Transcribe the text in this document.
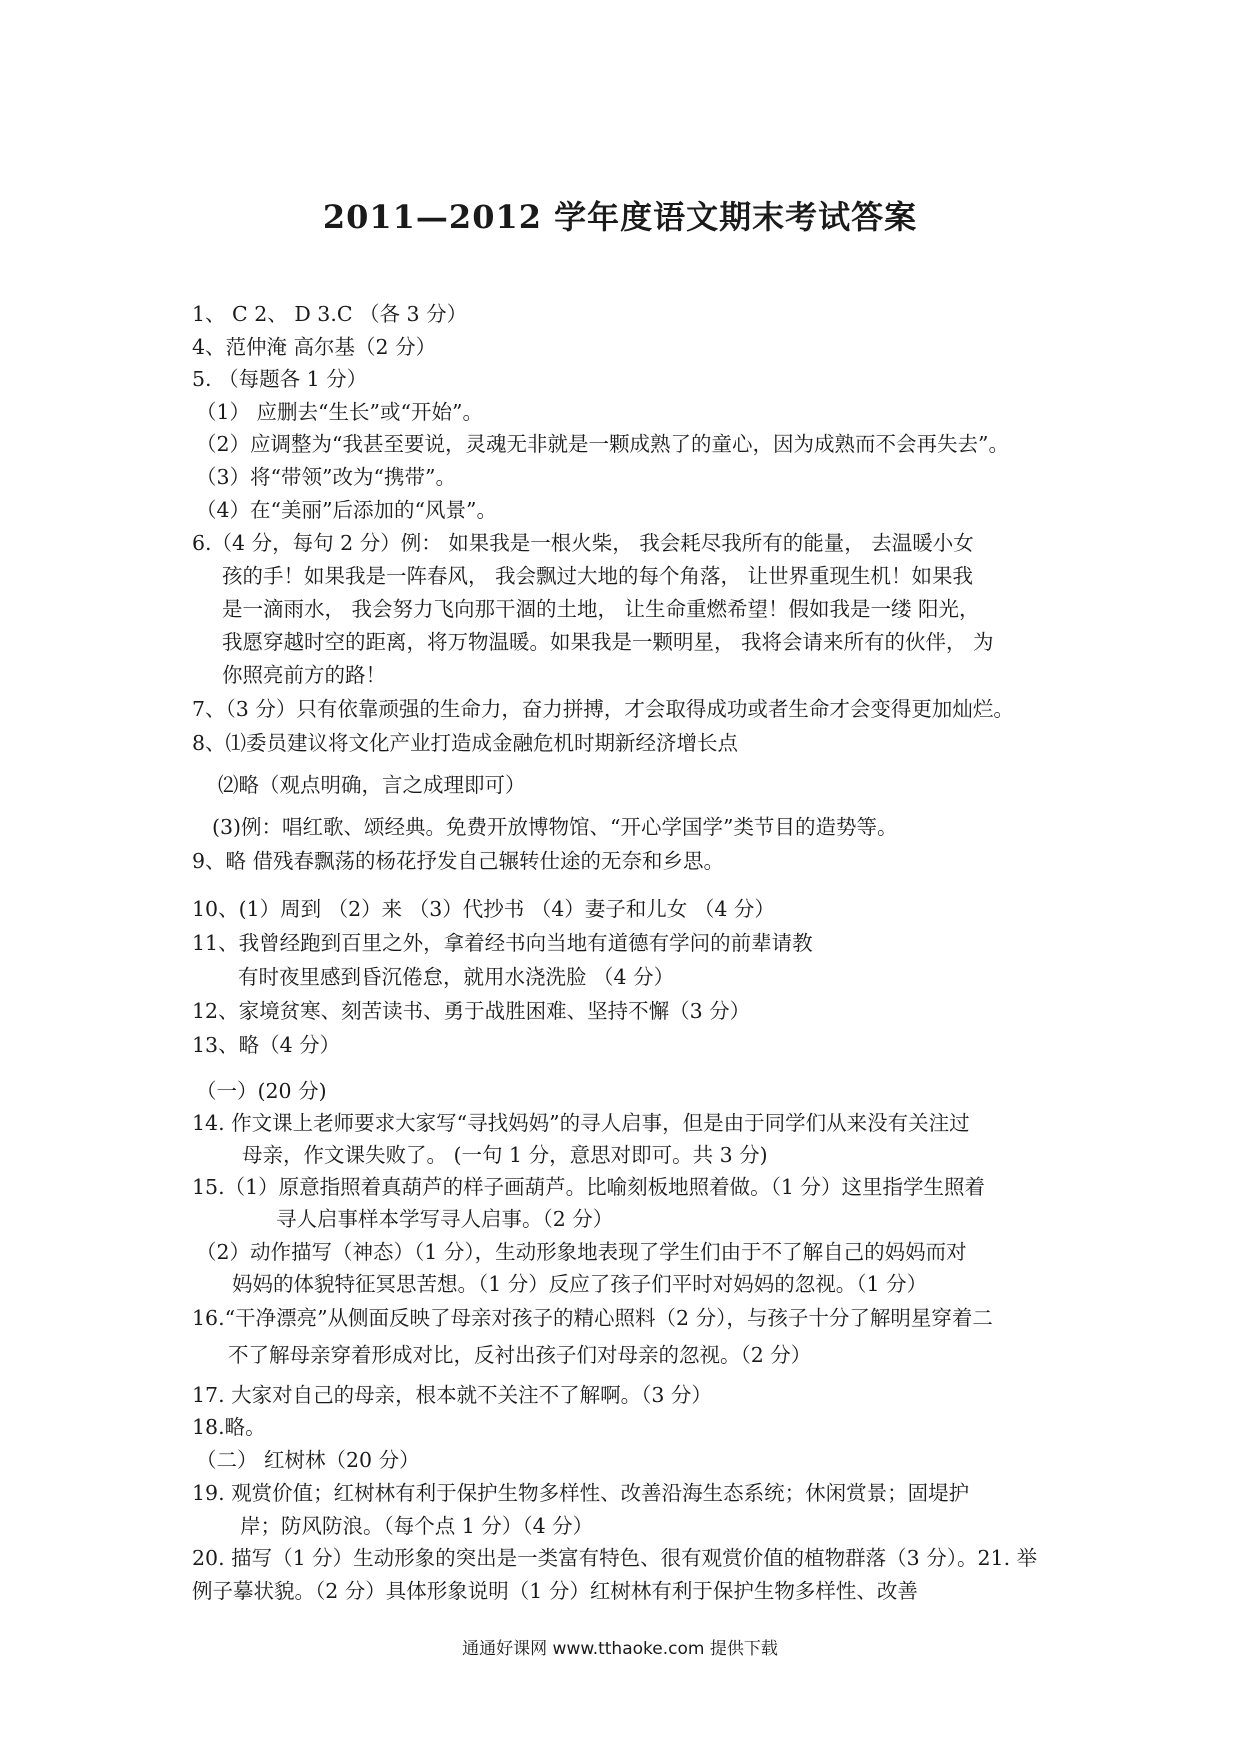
2011—2012 学年度语文期末考试答案
1、 C 2、 D 3.C （各 3 分）
4、范仲淹 高尔基（2 分）
5. （每题各 1 分）
（1） 应删去“生长”或“开始”。
（2）应调整为“我甚至要说，灵魂无非就是一颗成熟了的童心，因为成熟而不会再失去”。
（3）将“带领”改为“携带”。
（4）在“美丽”后添加的“风景”。
6.（4 分，每句 2 分）例： 如果我是一根火柴， 我会耗尽我所有的能量， 去温暖小女
孩的手！如果我是一阵春风， 我会飘过大地的每个角落， 让世界重现生机！如果我
是一滴雨水， 我会努力飞向那干涸的土地， 让生命重燃希望！假如我是一缕 阳光，
我愿穿越时空的距离，将万物温暖。如果我是一颗明星， 我将会请来所有的伙伴， 为
你照亮前方的路！
7、（3 分）只有依靠顽强的生命力，奋力拼搏，才会取得成功或者生命才会变得更加灿烂。
8、⑴委员建议将文化产业打造成金融危机时期新经济增长点
⑵略（观点明确，言之成理即可）
(3)例：唱红歌、颂经典。免费开放博物馆、“开心学国学”类节目的造势等。
9、略 借残春飘荡的杨花抒发自己辗转仕途的无奈和乡思。
10、(1）周到 （2）来 （3）代抄书 （4）妻子和儿女 （4 分）
11、我曾经跑到百里之外，拿着经书向当地有道德有学问的前辈请教
有时夜里感到昏沉倦怠，就用水浇洗脸 （4 分）
12、家境贫寒、刻苦读书、勇于战胜困难、坚持不懈（3 分）
13、略（4 分）
（一）(20 分)
14. 作文课上老师要求大家写“寻找妈妈”的寻人启事，但是由于同学们从来没有关注过
母亲，作文课失败了。 (一句 1 分，意思对即可。共 3 分)
15.（1）原意指照着真葫芦的样子画葫芦。比喻刻板地照着做。（1 分）这里指学生照着
寻人启事样本学写寻人启事。（2 分）
（2）动作描写（神态）（1 分），生动形象地表现了学生们由于不了解自己的妈妈而对
妈妈的体貌特征冥思苦想。（1 分）反应了孩子们平时对妈妈的忽视。（1 分）
16.“干净漂亮”从侧面反映了母亲对孩子的精心照料（2 分），与孩子十分了解明星穿着二
不了解母亲穿着形成对比，反衬出孩子们对母亲的忽视。（2 分）
17. 大家对自己的母亲，根本就不关注不了解啊。（3 分）
18.略。
（二） 红树林（20 分）
19. 观赏价值；红树林有利于保护生物多样性、改善沿海生态系统；休闲赏景；固堤护
岸；防风防浪。（每个点 1 分）（4 分）
20. 描写（1 分）生动形象的突出是一类富有特色、很有观赏价值的植物群落（3 分）。21. 举
例子摹状貌。（2 分）具体形象说明（1 分）红树林有利于保护生物多样性、改善
通通好课网 www.tthaoke.com 提供下载
